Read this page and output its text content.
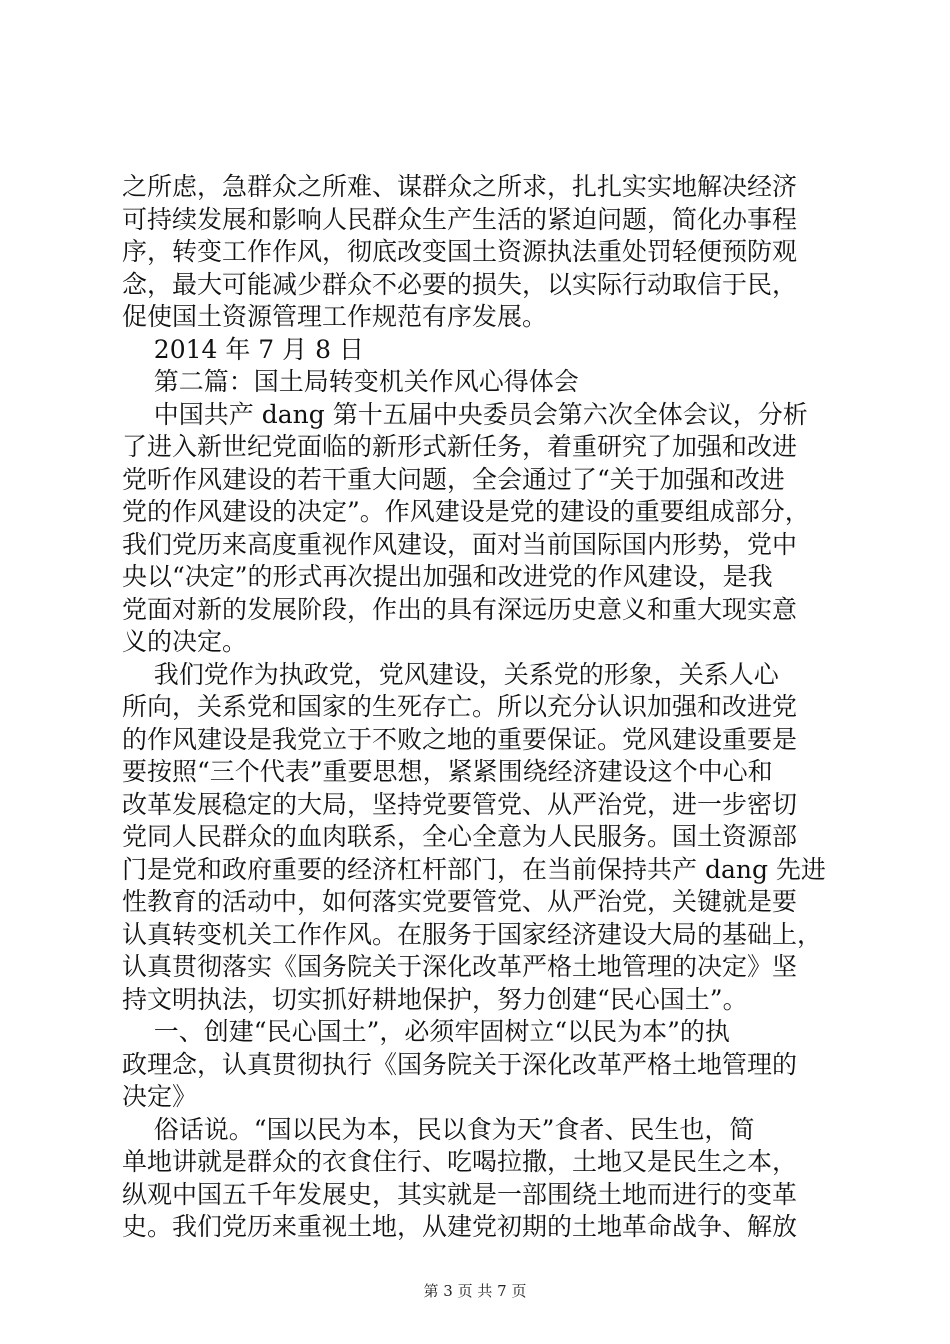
之所虑，急群众之所难、谋群众之所求，扎扎实实地解决经济
可持续发展和影响人民群众生产生活的紧迫问题，简化办事程
序，转变工作作风，彻底改变国土资源执法重处罚轻便预防观
念，最大可能减少群众不必要的损失，以实际行动取信于民，
促使国土资源管理工作规范有序发展。
2014 年 7 月 8 日
第二篇：国土局转变机关作风心得体会
中国共产 dang 第十五届中央委员会第六次全体会议，分析
了进入新世纪党面临的新形式新任务，着重研究了加强和改进
党听作风建设的若干重大问题，全会通过了“关于加强和改进
党的作风建设的决定”。作风建设是党的建设的重要组成部分，
我们党历来高度重视作风建设，面对当前国际国内形势，党中
央以“决定”的形式再次提出加强和改进党的作风建设，是我
党面对新的发展阶段，作出的具有深远历史意义和重大现实意
义的决定。
我们党作为执政党，党风建设，关系党的形象，关系人心
所向，关系党和国家的生死存亡。所以充分认识加强和改进党
的作风建设是我党立于不败之地的重要保证。党风建设重要是
要按照“三个代表”重要思想，紧紧围绕经济建设这个中心和
改革发展稳定的大局，坚持党要管党、从严治党，进一步密切
党同人民群众的血肉联系，全心全意为人民服务。国土资源部
门是党和政府重要的经济杠杆部门，在当前保持共产 dang 先进
性教育的活动中，如何落实党要管党、从严治党，关键就是要
认真转变机关工作作风。在服务于国家经济建设大局的基础上，
认真贯彻落实《国务院关于深化改革严格土地管理的决定》坚
持文明执法，切实抓好耕地保护，努力创建“民心国土”。
一、创建“民心国土”，必须牢固树立“以民为本”的执
政理念，认真贯彻执行《国务院关于深化改革严格土地管理的
决定》
俗话说。“国以民为本，民以食为天”食者、民生也，简
单地讲就是群众的衣食住行、吃喝拉撒，土地又是民生之本，
纵观中国五千年发展史，其实就是一部围绕土地而进行的变革
史。我们党历来重视土地，从建党初期的土地革命战争、解放
第 3 页 共 7 页
